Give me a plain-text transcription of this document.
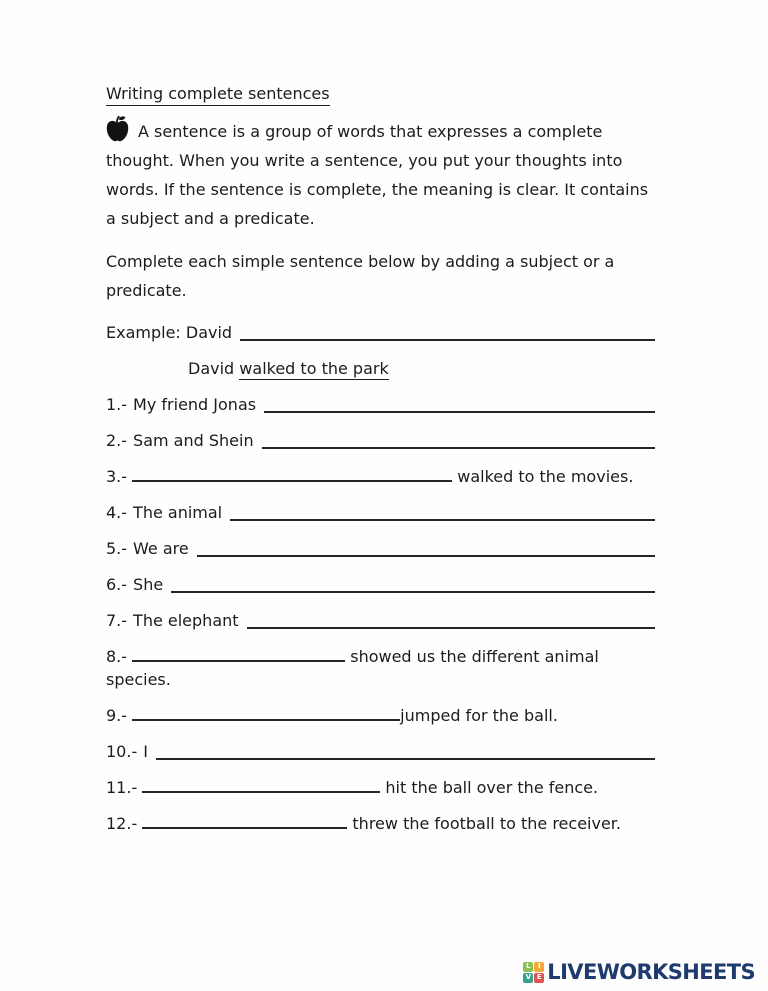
Writing complete sentences

A sentence is a group of words that expresses a complete thought. When you write a sentence, you put your thoughts into words. If the sentence is complete, the meaning is clear. It contains a subject and a predicate.

Complete each simple sentence below by adding a subject or a predicate.

Example: David
David walked to the park
1.- My friend Jonas
2.- Sam and Shein
3.-	walked to the movies.
4.- The animal
5.- We are
6.- She
7.- The elephant
8.-	showed us the different animal species.
9.-	jumped for the ball.
10.- I
11.-	hit the ball over the fence.
12.-	threw the football to the receiver.
L	I
V E LIVEWORKSHEETS
